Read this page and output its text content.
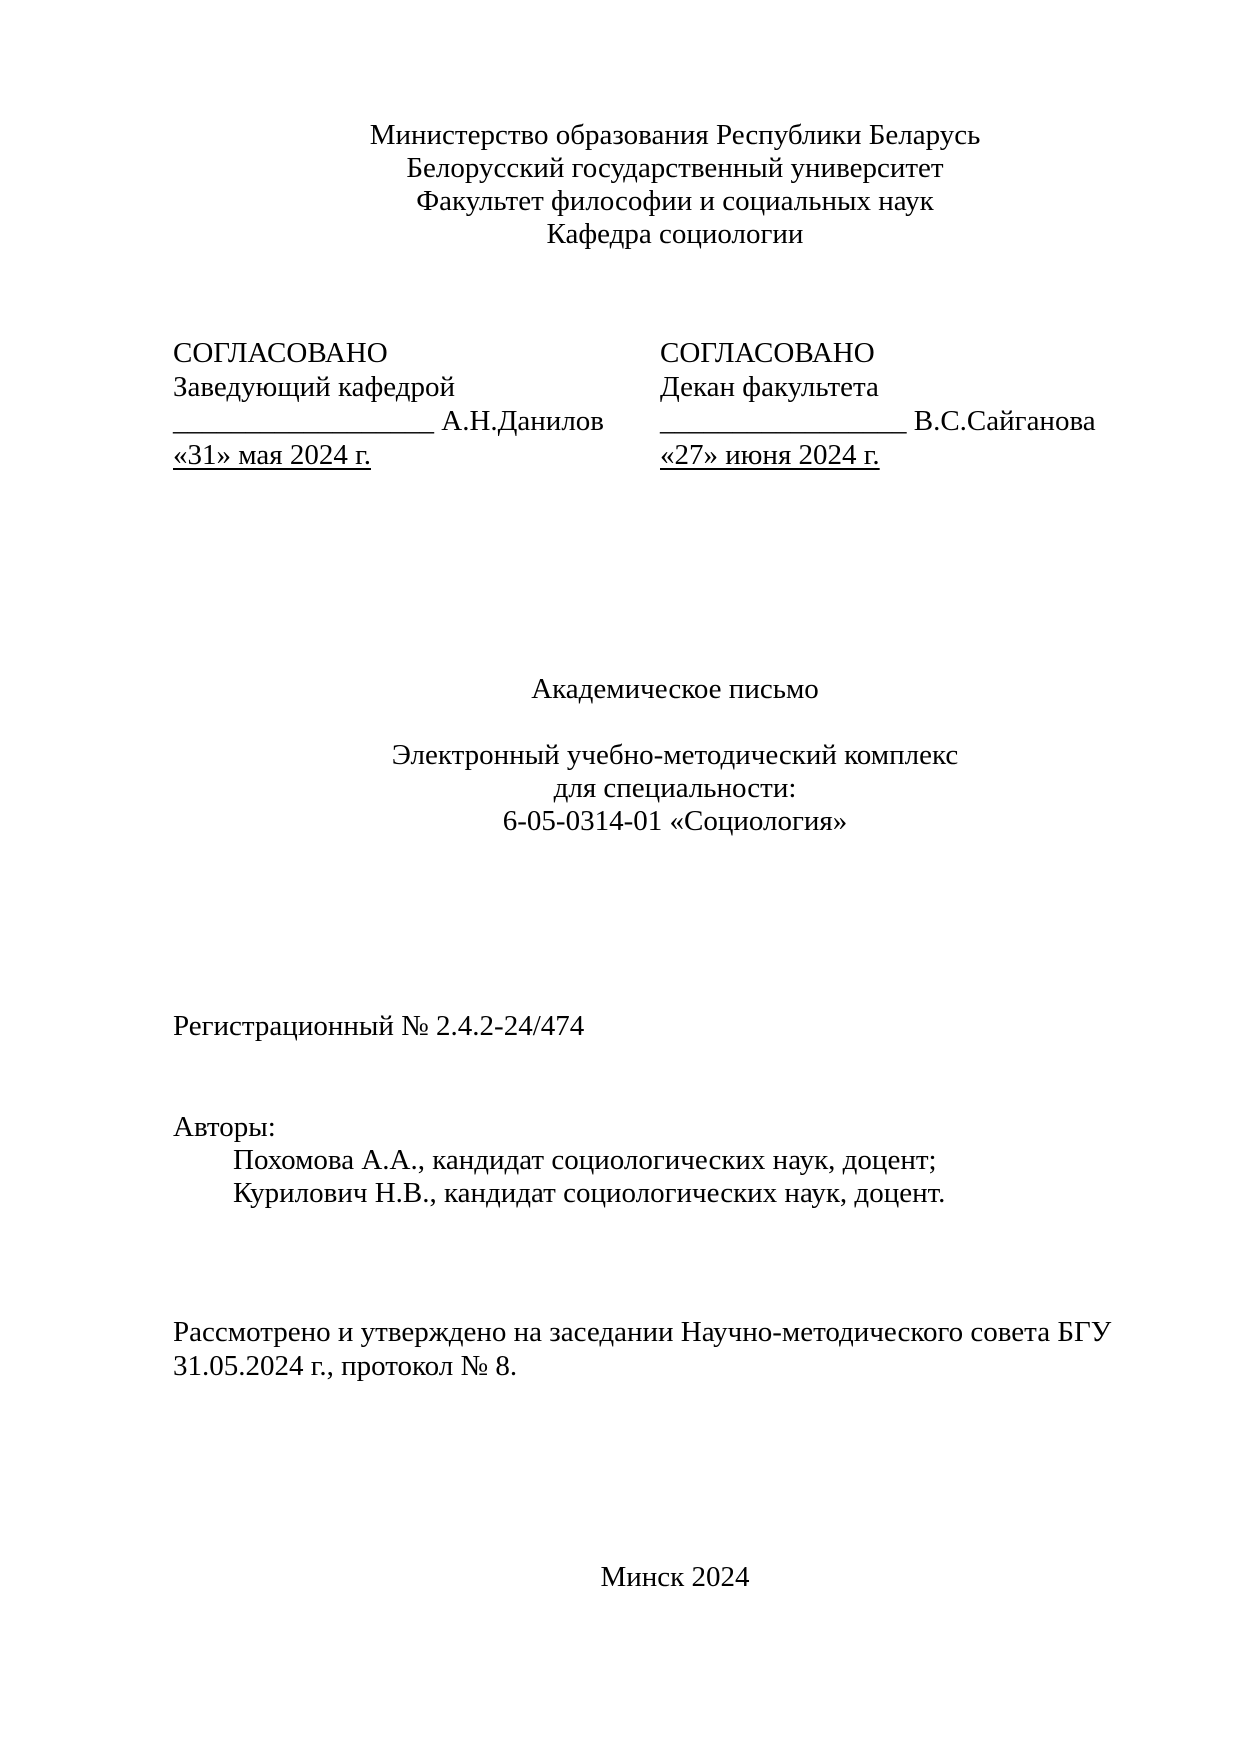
Министерство образования Республики Беларусь
Белорусский государственный университет
Факультет философии и социальных наук
Кафедра социологии
СОГЛАСОВАНО
Заведующий кафедрой
__________________ А.Н.Данилов
«31» мая 2024 г.
СОГЛАСОВАНО
Декан факультета
_________________ В.С.Сайганова
«27» июня 2024 г.
Академическое письмо
Электронный учебно-методический комплекс
для специальности:
6-05-0314-01 «Социология»
Регистрационный № 2.4.2-24/474
Авторы:
Похомова А.А., кандидат социологических наук, доцент;
Курилович Н.В., кандидат социологических наук, доцент.
Рассмотрено и утверждено на заседании Научно-методического совета БГУ
31.05.2024 г., протокол № 8.
Минск 2024
